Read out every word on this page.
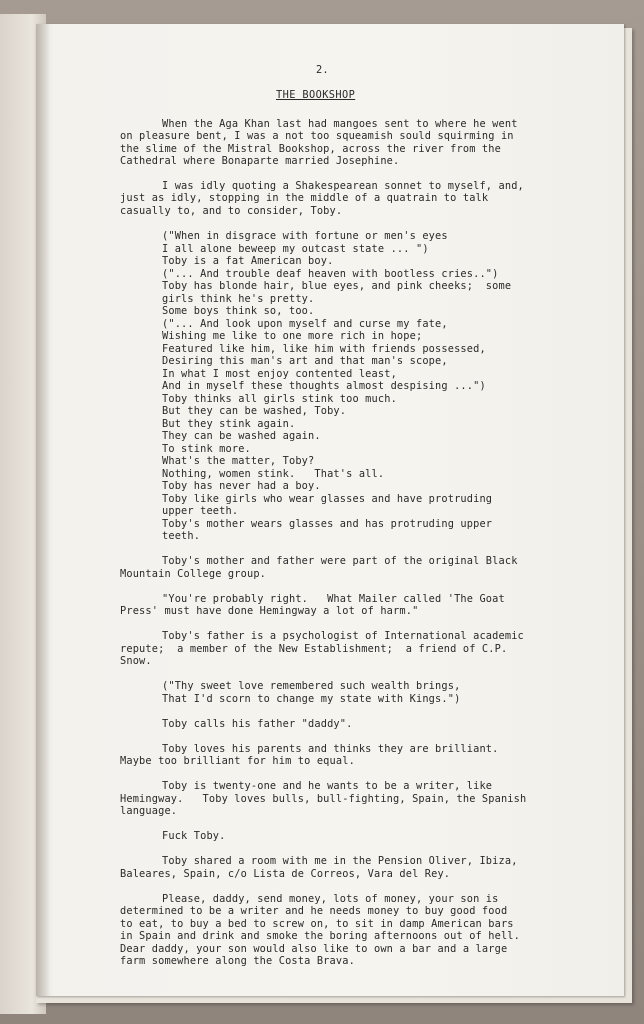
2.
THE BOOKSHOP
When the Aga Khan last had mangoes sent to where he went
on pleasure bent, I was a not too squeamish sould squirming in
the slime of the Mistral Bookshop, across the river from the
Cathedral where Bonaparte married Josephine.
I was idly quoting a Shakespearean sonnet to myself, and,
just as idly, stopping in the middle of a quatrain to talk
casually to, and to consider, Toby.
("When in disgrace with fortune or men's eyes
I all alone beweep my outcast state ... ")
Toby is a fat American boy.
("... And trouble deaf heaven with bootless cries..")
Toby has blonde hair, blue eyes, and pink cheeks;  some
girls think he's pretty.
Some boys think so, too.
("... And look upon myself and curse my fate,
Wishing me like to one more rich in hope;
Featured like him, like him with friends possessed,
Desiring this man's art and that man's scope,
In what I most enjoy contented least,
And in myself these thoughts almost despising ...")
Toby thinks all girls stink too much.
But they can be washed, Toby.
But they stink again.
They can be washed again.
To stink more.
What's the matter, Toby?
Nothing, women stink.   That's all.
Toby has never had a boy.
Toby like girls who wear glasses and have protruding
upper teeth.
Toby's mother wears glasses and has protruding upper
teeth.
Toby's mother and father were part of the original Black
Mountain College group.
"You're probably right.   What Mailer called 'The Goat
Press' must have done Hemingway a lot of harm."
Toby's father is a psychologist of International academic
repute;  a member of the New Establishment;  a friend of C.P.
Snow.
("Thy sweet love remembered such wealth brings,
That I'd scorn to change my state with Kings.")
Toby calls his father "daddy".
Toby loves his parents and thinks they are brilliant.
Maybe too brilliant for him to equal.
Toby is twenty-one and he wants to be a writer, like
Hemingway.   Toby loves bulls, bull-fighting, Spain, the Spanish
language.
Fuck Toby.
Toby shared a room with me in the Pension Oliver, Ibiza,
Baleares, Spain, c/o Lista de Correos, Vara del Rey.
Please, daddy, send money, lots of money, your son is
determined to be a writer and he needs money to buy good food
to eat, to buy a bed to screw on, to sit in damp American bars
in Spain and drink and smoke the boring afternoons out of hell.
Dear daddy, your son would also like to own a bar and a large
farm somewhere along the Costa Brava.
